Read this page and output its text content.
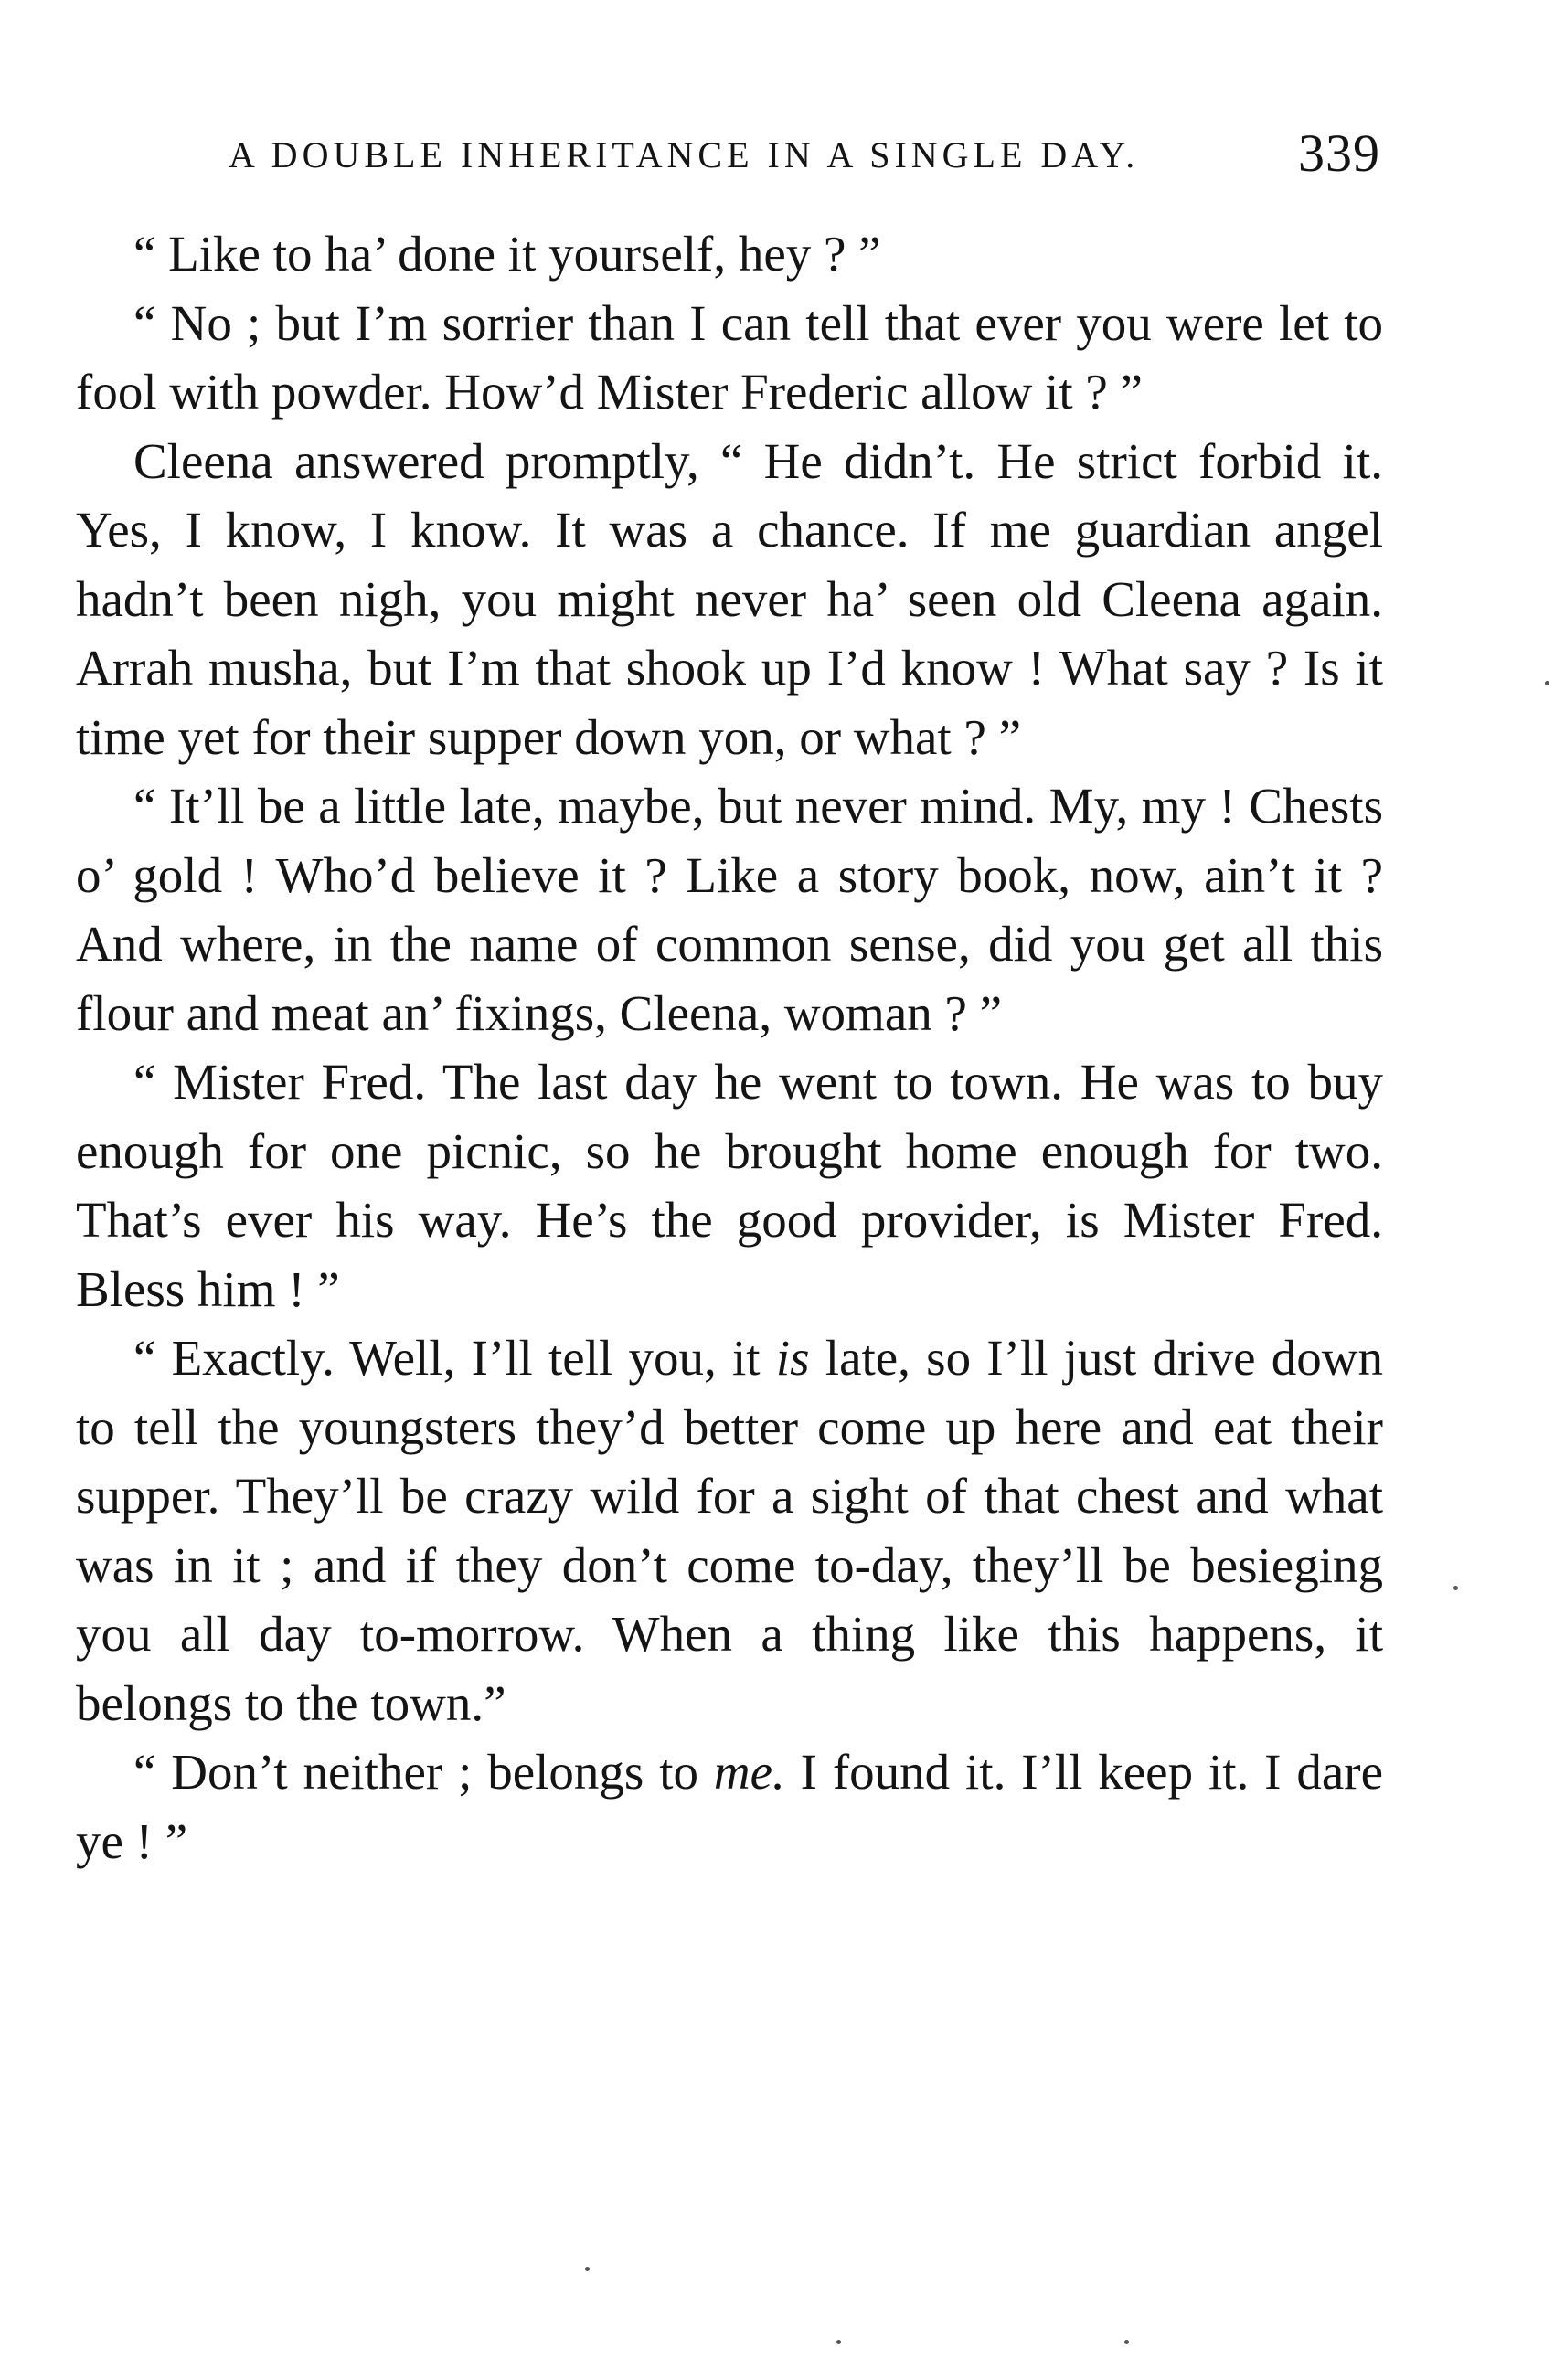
A DOUBLE INHERITANCE IN A SINGLE DAY.	339

“ Like to ha’ done it yourself, hey ? ”

“ No ; but I’m sorrier than I can tell that ever you were let to fool with powder. How’d Mister Frederic allow it ? ”

Cleena answered promptly, “ He didn’t. He strict forbid it. Yes, I know, I know. It was a chance. If me guardian angel hadn’t been nigh, you might never ha’ seen old Cleena again. Arrah musha, but I’m that shook up I’d know ! What say ? Is it time yet for their supper down yon, or what ? ”

“ It’ll be a little late, maybe, but never mind. My, my ! Chests o’ gold ! Who’d believe it ? Like a story book, now, ain’t it ? And where, in the name of common sense, did you get all this flour and meat an’ fixings, Cleena, woman ? ”

“ Mister Fred. The last day he went to town. He was to buy enough for one picnic, so he brought home enough for two. That’s ever his way. He’s the good provider, is Mister Fred. Bless him ! ”

“ Exactly. Well, I’ll tell you, it is late, so I’ll just drive down to tell the youngsters they’d better come up here and eat their supper. They’ll be crazy wild for a sight of that chest and what was in it ; and if they don’t come to-day, they’ll be besieging you all day to-morrow. When a thing like this happens, it belongs to the town.”

“ Don’t neither ; belongs to me. I found it. I’ll keep it. I dare ye ! ”
